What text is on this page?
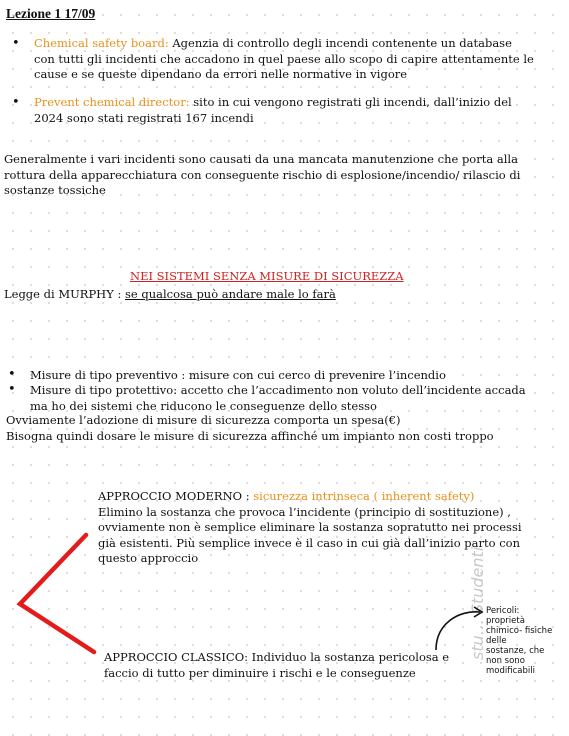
Lezione 1 17/09
• Chemical safety board: Agenzia di controllo degli incendi contenente un database
con tutti gli incidenti che accadono in quel paese allo scopo di capire attentamente le
cause e se queste dipendano da errori nelle normative in vigore
• Prevent chemical director: sito in cui vengono registrati gli incendi, dall’inizio del
2024 sono stati registrati 167 incendi
Generalmente i vari incidenti sono causati da una mancata manutenzione che porta alla
rottura della apparecchiatura con conseguente rischio di esplosione/incendio/ rilascio di
sostanze tossiche
NEI SISTEMI SENZA MISURE DI SICUREZZA
Legge di MURPHY : se qualcosa può andare male lo farà
• Misure di tipo preventivo : misure con cui cerco di prevenire l’incendio
• Misure di tipo protettivo: accetto che l’accadimento non voluto dell’incidente accada
ma ho dei sistemi che riducono le conseguenze dello stesso
Ovviamente l’adozione di misure di sicurezza comporta un spesa(€)
Bisogna quindi dosare le misure di sicurezza affinché um impianto non costi troppo
stu… Studenti
APPROCCIO MODERNO : sicurezza intrinseca ( inherent safety)
Elimino la sostanza che provoca l’incidente (principio di sostituzione) ,
ovviamente non è semplice eliminare la sostanza sopratutto nei processi
già esistenti. Più semplice invece è il caso in cui già dall’inizio parto con
questo approccio
APPROCCIO CLASSICO: Individuo la sostanza pericolosa e
faccio di tutto per diminuire i rischi e le conseguenze
Pericoli:
proprietà
chimico- fisiche
delle
sostanze, che
non sono
modificabili
